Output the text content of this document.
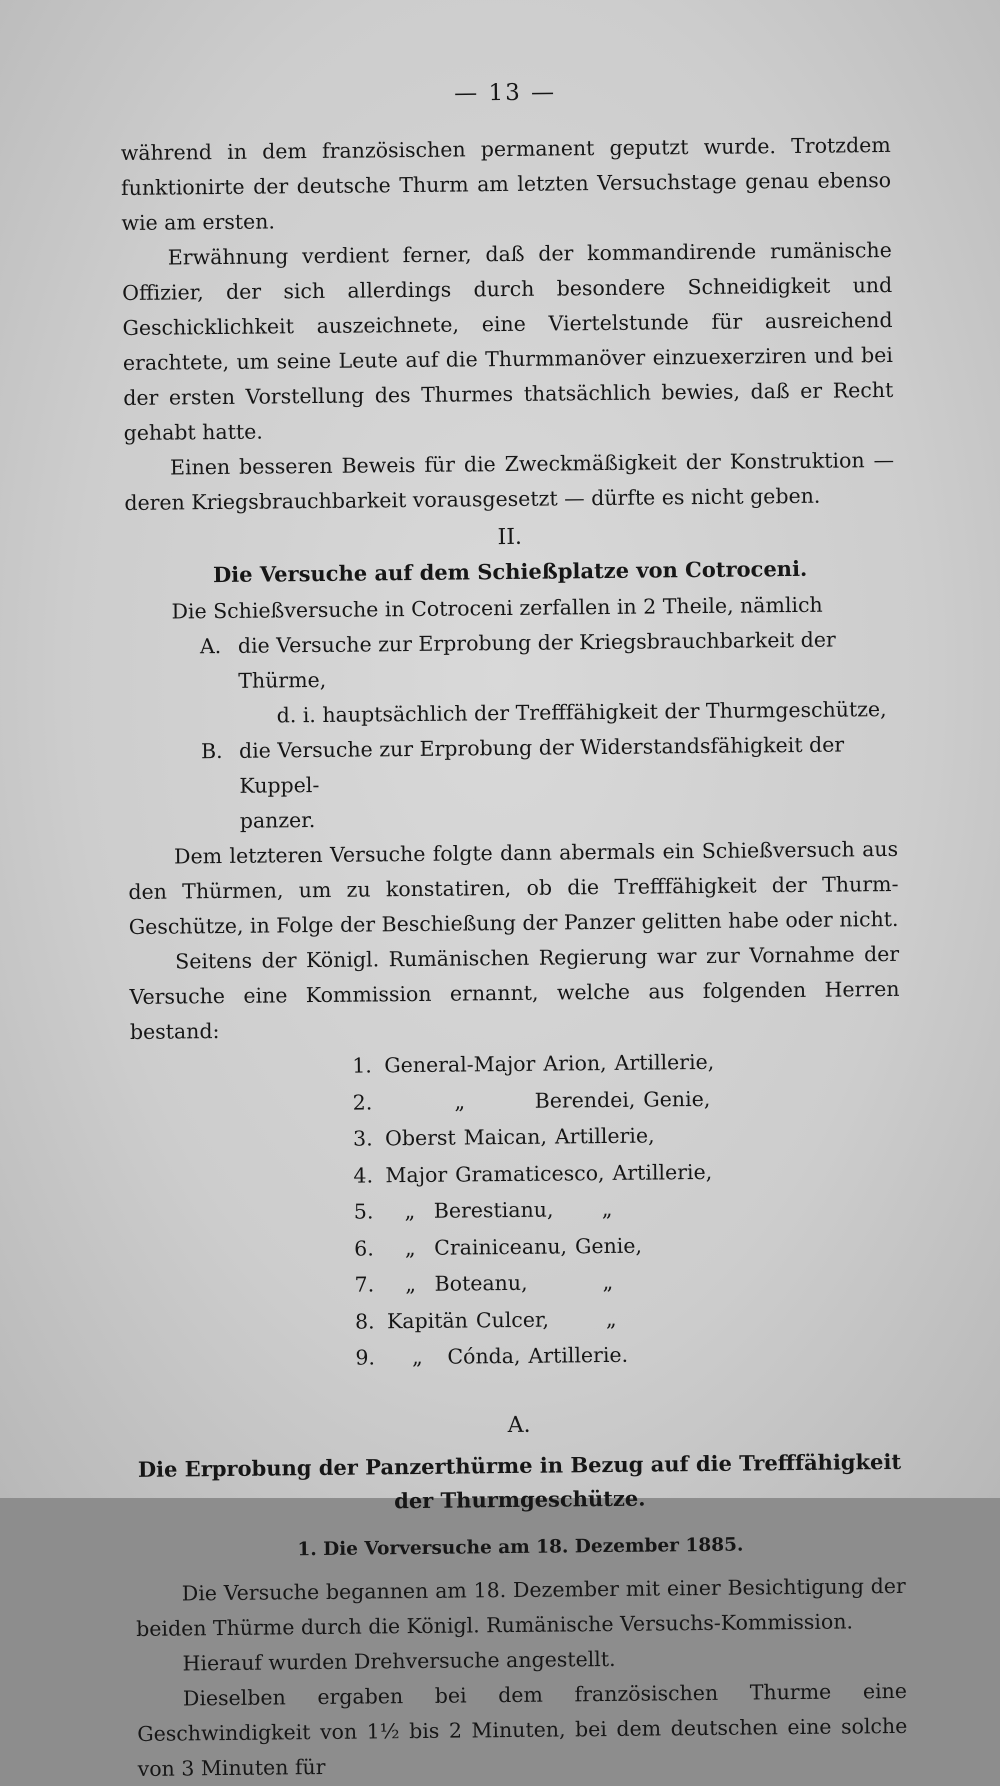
— 13 —

während in dem französischen permanent geputzt wurde. Trotzdem funktionirte der deutsche Thurm am letzten Versuchstage genau ebenso wie am ersten.

Erwähnung verdient ferner, daß der kommandirende rumänische Offizier, der sich allerdings durch besondere Schneidigkeit und Geschicklichkeit auszeichnete, eine Viertelstunde für ausreichend erachtete, um seine Leute auf die Thurmmanöver einzuexerziren und bei der ersten Vorstellung des Thurmes thatsächlich bewies, daß er Recht gehabt hatte.

Einen besseren Beweis für die Zweckmäßigkeit der Konstruktion — deren Kriegsbrauchbarkeit vorausgesetzt — dürfte es nicht geben.

II.
Die Versuche auf dem Schießplatze von Cotroceni.

Die Schießversuche in Cotroceni zerfallen in 2 Theile, nämlich

A. die Versuche zur Erprobung der Kriegsbrauchbarkeit der Thürme,
d. i. hauptsächlich der Trefffähigkeit der Thurmgeschütze,
B. die Versuche zur Erprobung der Widerstandsfähigkeit der Kuppel-
panzer.

Dem letzteren Versuche folgte dann abermals ein Schießversuch aus den Thürmen, um zu konstatiren, ob die Trefffähigkeit der Thurm-Geschütze, in Folge der Beschießung der Panzer gelitten habe oder nicht.

Seitens der Königl. Rumänischen Regierung war zur Vornahme der Versuche eine Kommission ernannt, welche aus folgenden Herren bestand:

1. General-Major Arion, Artillerie,
2.	„	Berendei, Genie,
3. Oberst Maican, Artillerie,
4. Major Gramaticesco, Artillerie,
5.	„ Berestianu,	„
6.	„ Crainiceanu, Genie,
7.	„ Boteanu,	„
8. Kapitän Culcer,	„
9.	„	Cónda, Artillerie.
A.
Die Erprobung der Panzerthürme in Bezug auf die Trefffähigkeit der Thurmgeschütze.
1. Die Vorversuche am 18. Dezember 1885.

Die Versuche begannen am 18. Dezember mit einer Besichtigung der beiden Thürme durch die Königl. Rumänische Versuchs-Kommission.

Hierauf wurden Drehversuche angestellt.

Dieselben ergaben bei dem französischen Thurme eine Geschwindigkeit von 1½ bis 2 Minuten, bei dem deutschen eine solche von 3 Minuten für
